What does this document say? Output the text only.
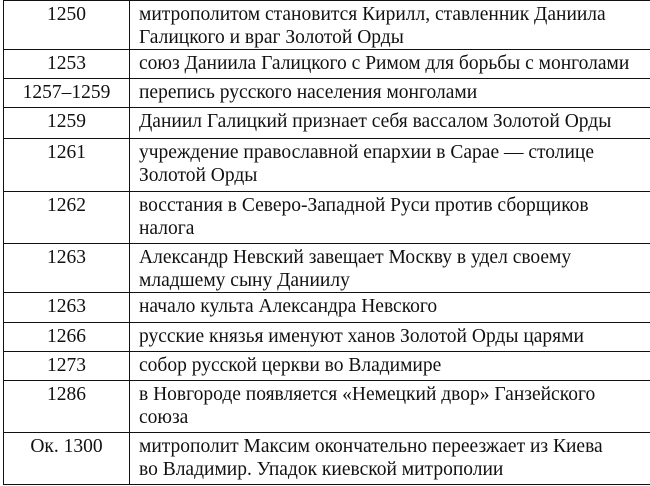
1250	митрополитом становится Кирилл, ставленник Даниила
Галицкого и враг Золотой Орды

1253	союз Даниила Галицкого с Римом для борьбы с монголами

1257–1259	перепись русского населения монголами

1259	Даниил Галицкий признает себя вассалом Золотой Орды

1261	учреждение православной епархии в Сарае — столице
Золотой Орды

1262	восстания в Северо-Западной Руси против сборщиков
налога

1263	Александр Невский завещает Москву в удел своему
младшему сыну Даниилу

1263	начало культа Александра Невского

1266	русские князья именуют ханов Золотой Орды царями

1273	собор русской церкви во Владимире

1286	в Новгороде появляется «Немецкий двор» Ганзейского
союза

Ок. 1300	митрополит Максим окончательно переезжает из Киева
во Владимир. Упадок киевской митрополии
